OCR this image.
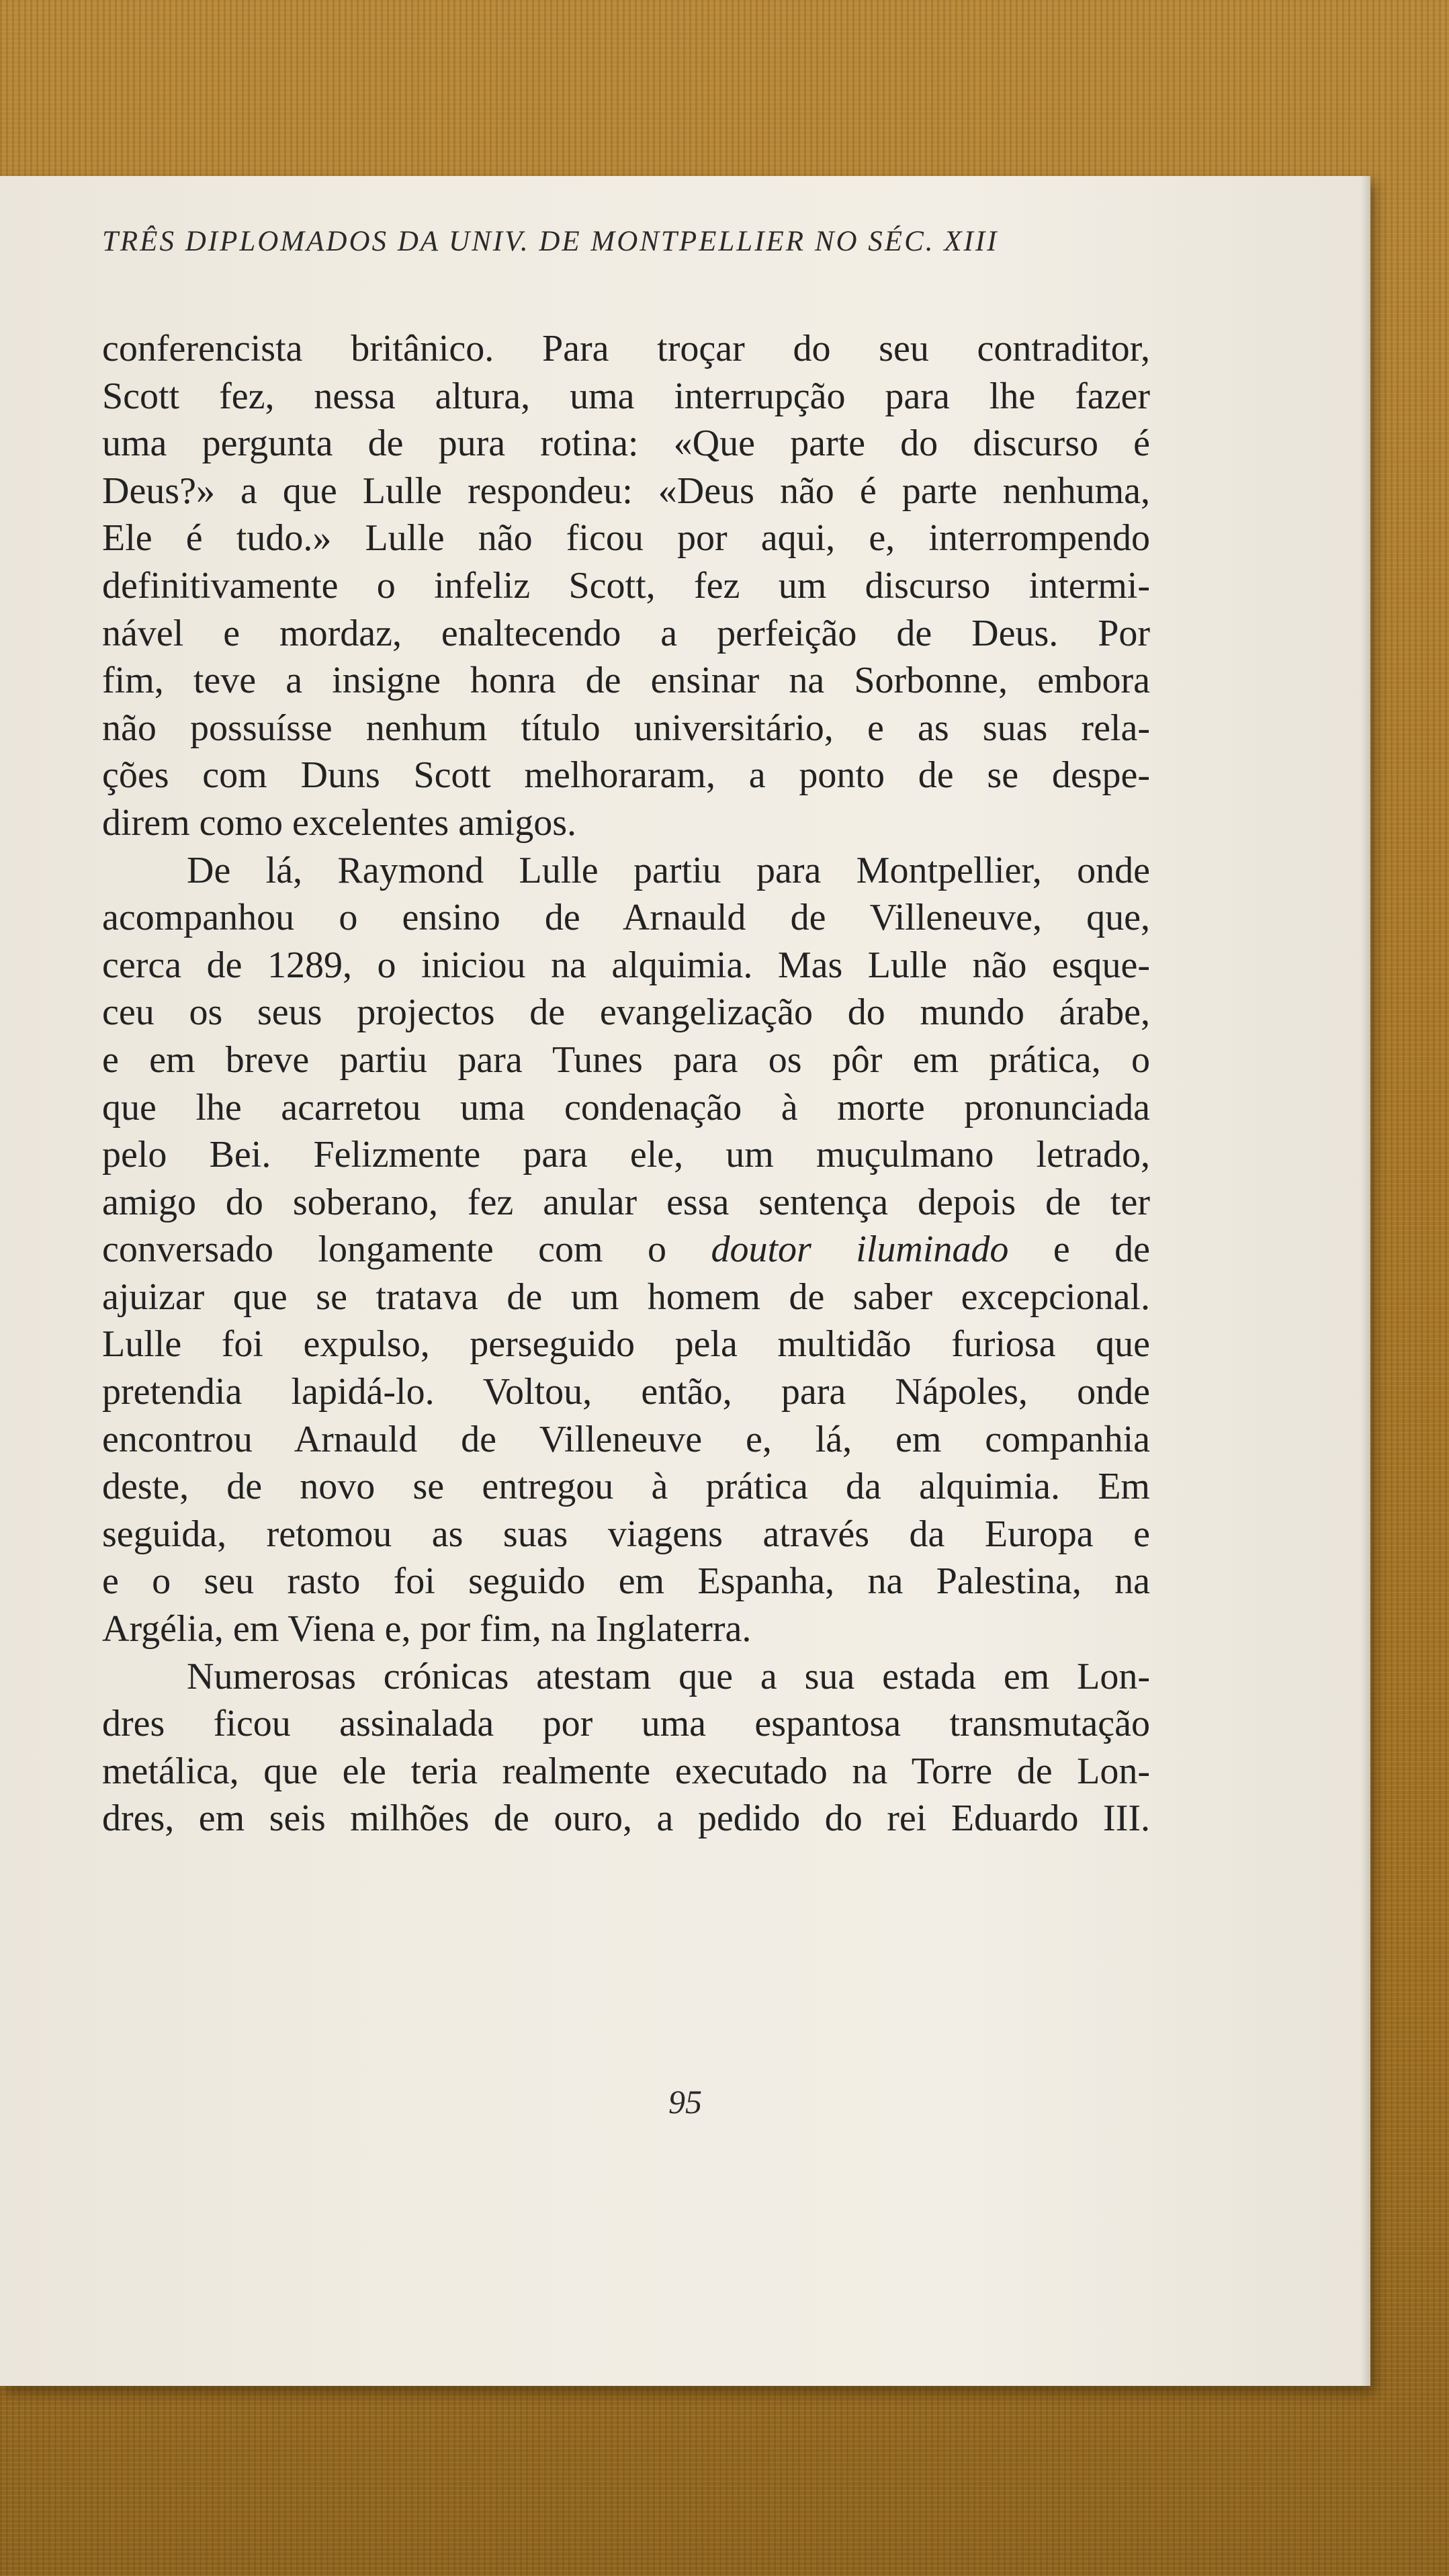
TRÊS DIPLOMADOS DA UNIV. DE MONTPELLIER NO SÉC. XIII

conferencista britânico. Para troçar do seu contraditor,

Scott fez, nessa altura, uma interrupção para lhe fazer

uma pergunta de pura rotina: «Que parte do discurso é

Deus?» a que Lulle respondeu: «Deus não é parte nenhuma,

Ele é tudo.» Lulle não ficou por aqui, e, interrompendo

definitivamente o infeliz Scott, fez um discurso intermi-

nável e mordaz, enaltecendo a perfeição de Deus. Por

fim, teve a insigne honra de ensinar na Sorbonne, embora

não possuísse nenhum título universitário, e as suas rela-

ções com Duns Scott melhoraram, a ponto de se despe-

direm como excelentes amigos.

De lá, Raymond Lulle partiu para Montpellier, onde

acompanhou o ensino de Arnauld de Villeneuve, que,

cerca de 1289, o iniciou na alquimia. Mas Lulle não esque-

ceu os seus projectos de evangelização do mundo árabe,

e em breve partiu para Tunes para os pôr em prática, o

que lhe acarretou uma condenação à morte pronunciada

pelo Bei. Felizmente para ele, um muçulmano letrado,

amigo do soberano, fez anular essa sentença depois de ter

conversado longamente com o doutor iluminado e de

ajuizar que se tratava de um homem de saber excepcional.

Lulle foi expulso, perseguido pela multidão furiosa que

pretendia lapidá-lo. Voltou, então, para Nápoles, onde

encontrou Arnauld de Villeneuve e, lá, em companhia

deste, de novo se entregou à prática da alquimia. Em

seguida, retomou as suas viagens através da Europa e

e o seu rasto foi seguido em Espanha, na Palestina, na

Argélia, em Viena e, por fim, na Inglaterra.

Numerosas crónicas atestam que a sua estada em Lon-

dres ficou assinalada por uma espantosa transmutação

metálica, que ele teria realmente executado na Torre de Lon-

dres, em seis milhões de ouro, a pedido do rei Eduardo III.

95
